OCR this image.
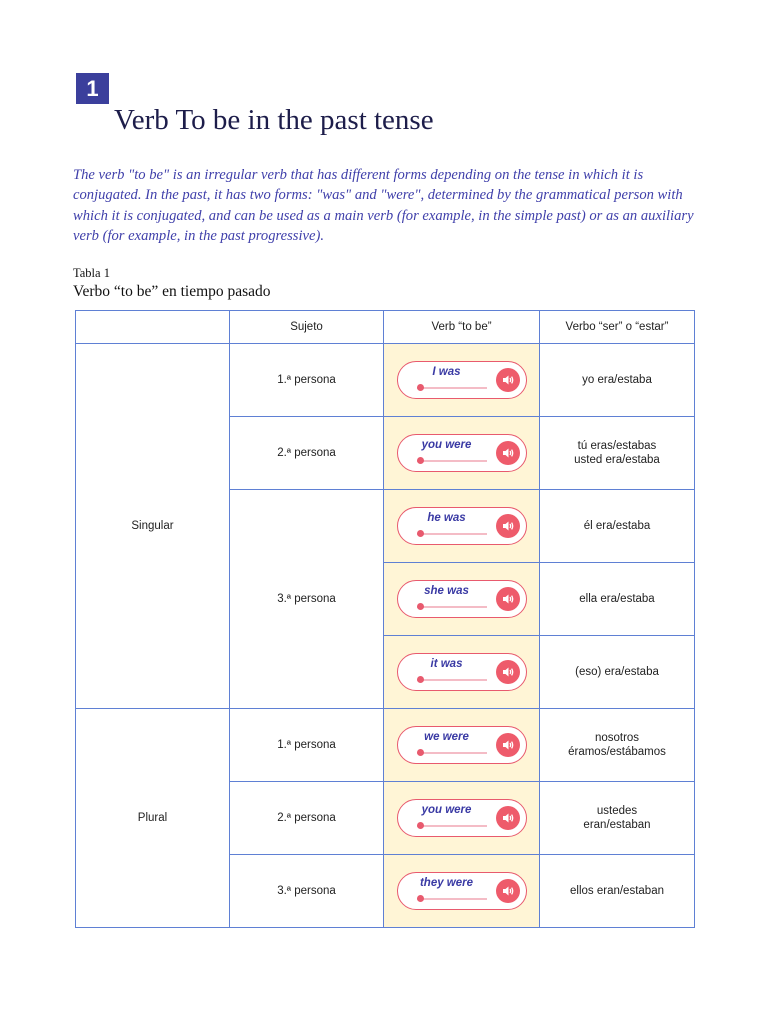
1
Verb To be in the past tense

The verb "to be" is an irregular verb that has different forms depending on the tense in which it is conjugated. In the past, it has two forms: "was" and "were", determined by the grammatical person with which it is conjugated, and can be used as a main verb (for example, in the simple past) or as an auxiliary verb (for example, in the past progressive).

Tabla 1
Verbo “to be” en tiempo pasado
	Sujeto	Verb “to be”	Verbo “ser” o “estar”
Singular	1.ª persona	I was	yo era/estaba

	2.ª persona	you were	tú eras/estabas
usted era/estaba

	3.ª persona	he was	él era/estaba

		she was	ella era/estaba

		it was	(eso) era/estaba

Plural	1.ª persona	we were	nosotros
éramos/estábamos

	2.ª persona	you were	ustedes
eran/estaban

	3.ª persona	they were	ellos eran/estaban
